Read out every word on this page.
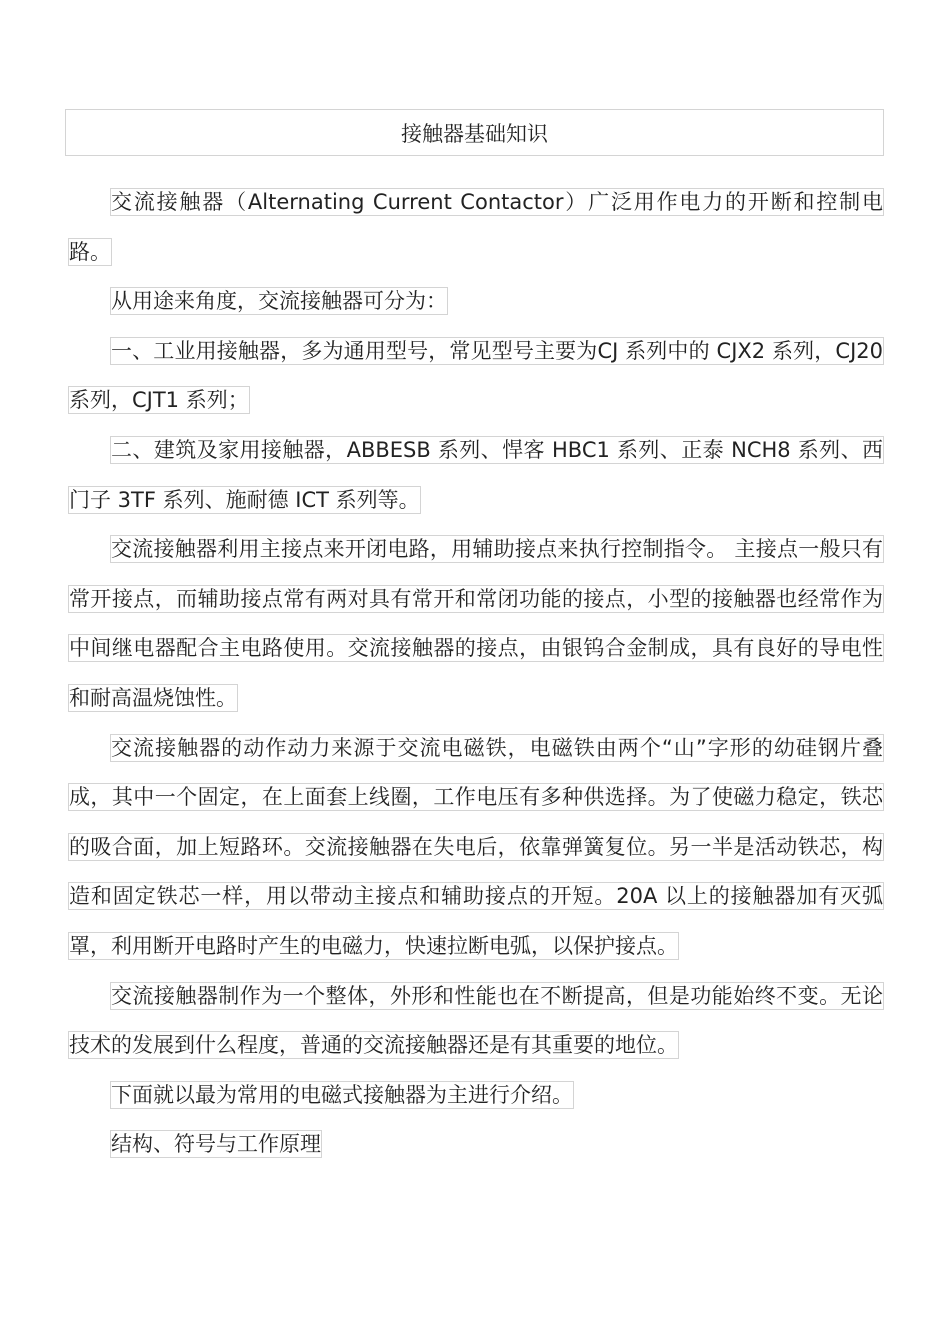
接触器基础知识

交流接触器（Alternating Current Contactor）广泛用作电力的开断和控制电路。

从用途来角度，交流接触器可分为：

一、工业用接触器，多为通用型号，常见型号主要为CJ 系列中的 CJX2 系列，CJ20 系列，CJT1 系列；

二、建筑及家用接触器，ABBESB 系列、悍客 HBC1 系列、正泰 NCH8 系列、西门子 3TF 系列、施耐德 ICT 系列等。

交流接触器利用主接点来开闭电路，用辅助接点来执行控制指令。 主接点一般只有常开接点，而辅助接点常有两对具有常开和常闭功能的接点，小型的接触器也经常作为中间继电器配合主电路使用。交流接触器的接点，由银钨合金制成，具有良好的导电性和耐高温烧蚀性。

交流接触器的动作动力来源于交流电磁铁，电磁铁由两个“山”字形的幼硅钢片叠成，其中一个固定，在上面套上线圈，工作电压有多种供选择。为了使磁力稳定，铁芯的吸合面，加上短路环。交流接触器在失电后，依靠弹簧复位。另一半是活动铁芯，构造和固定铁芯一样，用以带动主接点和辅助接点的开短。20A 以上的接触器加有灭弧罩，利用断开电路时产生的电磁力，快速拉断电弧，以保护接点。

交流接触器制作为一个整体，外形和性能也在不断提高，但是功能始终不变。无论技术的发展到什么程度，普通的交流接触器还是有其重要的地位。

下面就以最为常用的电磁式接触器为主进行介绍。

结构、符号与工作原理
